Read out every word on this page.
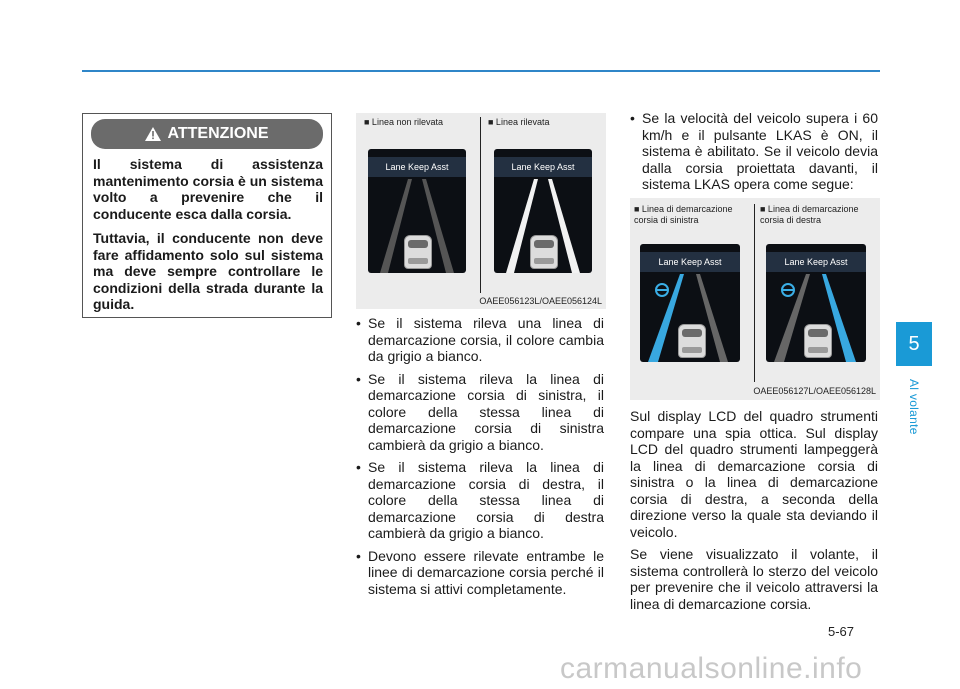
5
Al volante
ATTENZIONE

Il sistema di assistenza mantenimento corsia è un sistema volto a prevenire che il conducente esca dalla corsia.

Tuttavia, il conducente non deve fare affidamento solo sul sistema ma deve sempre controllare le condizioni della strada durante la guida.

■ Linea non rilevata	■ Linea rilevata
Lane Keep Asst	Lane Keep Asst
OAEE056123L/OAEE056124L
• Se il sistema rileva una linea di demarcazione corsia, il colore cambia da grigio a bianco.
• Se il sistema rileva la linea di demarcazione corsia di sinistra, il colore della stessa linea di demarcazione corsia di sinistra cambierà da grigio a bianco.
• Se il sistema rileva la linea di demarcazione corsia di destra, il colore della stessa linea di demarcazione corsia di destra cambierà da grigio a bianco.
• Devono essere rilevate entrambe le linee di demarcazione corsia perché il sistema si attivi completamente.
• Se la velocità del veicolo supera i 60 km/h e il pulsante LKAS è ON, il sistema è abilitato. Se il veicolo devia dalla corsia proiettata davanti, il sistema LKAS opera come segue:
■ Linea di demarcazione corsia di sinistra
■ Linea di demarcazione corsia di destra
Lane Keep Asst	Lane Keep Asst
OAEE056127L/OAEE056128L

Sul display LCD del quadro strumenti compare una spia ottica. Sul display LCD del quadro strumenti lampeggerà la linea di demarcazione corsia di sinistra o la linea di demarcazione corsia di destra, a seconda della direzione verso la quale sta deviando il veicolo.

Se viene visualizzato il volante, il sistema controllerà lo sterzo del veicolo per prevenire che il veicolo attraversi la linea di demarcazione corsia.

5-67
carmanualsonline.info
